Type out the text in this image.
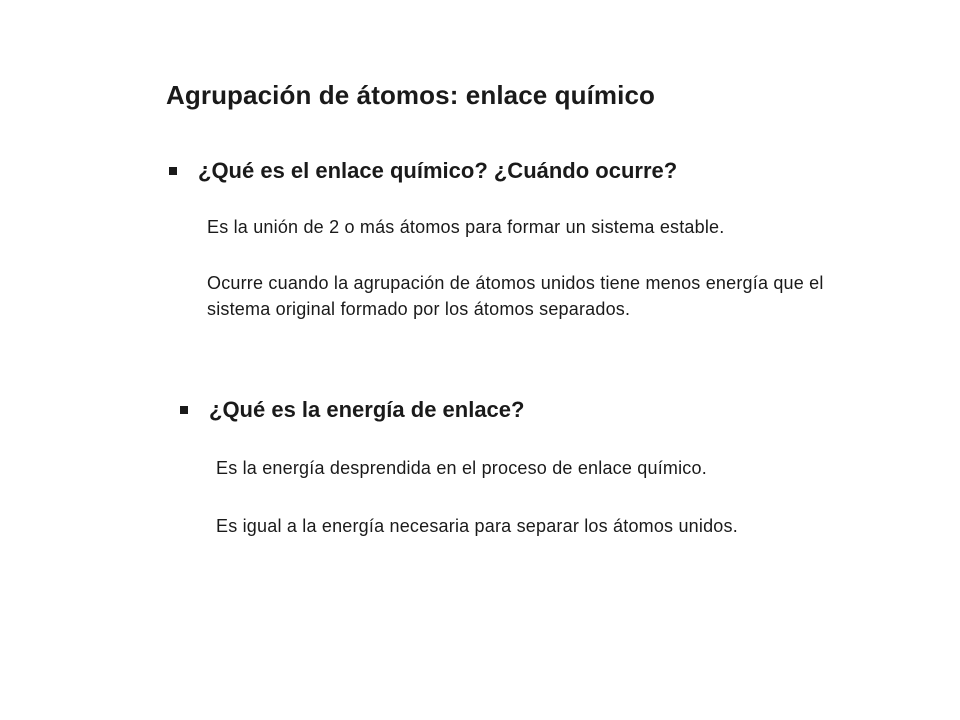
Agrupación de átomos: enlace químico
¿Qué es el enlace químico? ¿Cuándo ocurre?
Es la unión de 2 o más átomos para formar un sistema estable.
Ocurre cuando la agrupación de átomos unidos tiene menos energía que el sistema original formado por los átomos separados.
¿Qué es la energía de enlace?
Es la energía desprendida en el proceso de enlace químico.
Es igual a la energía necesaria para separar los átomos unidos.
